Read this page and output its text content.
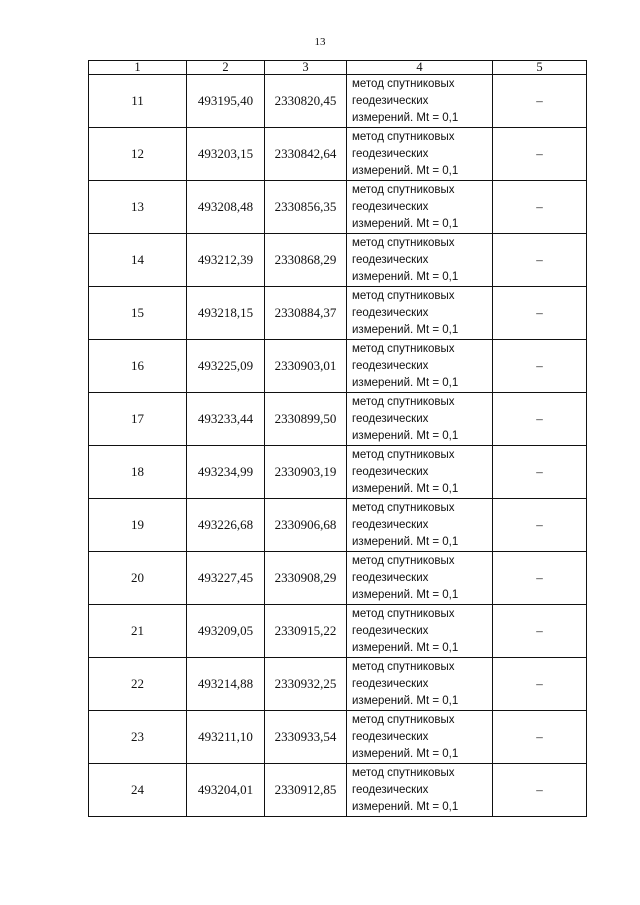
13
1	2	3	4	5
11	493195,40	2330820,45	метод спутниковых
геодезических
измерений. Mt = 0,1	–
12	493203,15	2330842,64	метод спутниковых
геодезических
измерений. Mt = 0,1	–
13	493208,48	2330856,35	метод спутниковых
геодезических
измерений. Mt = 0,1	–
14	493212,39	2330868,29	метод спутниковых
геодезических
измерений. Mt = 0,1	–
15	493218,15	2330884,37	метод спутниковых
геодезических
измерений. Mt = 0,1	–
16	493225,09	2330903,01	метод спутниковых
геодезических
измерений. Mt = 0,1	–
17	493233,44	2330899,50	метод спутниковых
геодезических
измерений. Mt = 0,1	–
18	493234,99	2330903,19	метод спутниковых
геодезических
измерений. Mt = 0,1	–
19	493226,68	2330906,68	метод спутниковых
геодезических
измерений. Mt = 0,1	–
20	493227,45	2330908,29	метод спутниковых
геодезических
измерений. Mt = 0,1	–
21	493209,05	2330915,22	метод спутниковых
геодезических
измерений. Mt = 0,1	–
22	493214,88	2330932,25	метод спутниковых
геодезических
измерений. Mt = 0,1	–
23	493211,10	2330933,54	метод спутниковых
геодезических
измерений. Mt = 0,1	–
24	493204,01	2330912,85	метод спутниковых
геодезических
измерений. Mt = 0,1	–
